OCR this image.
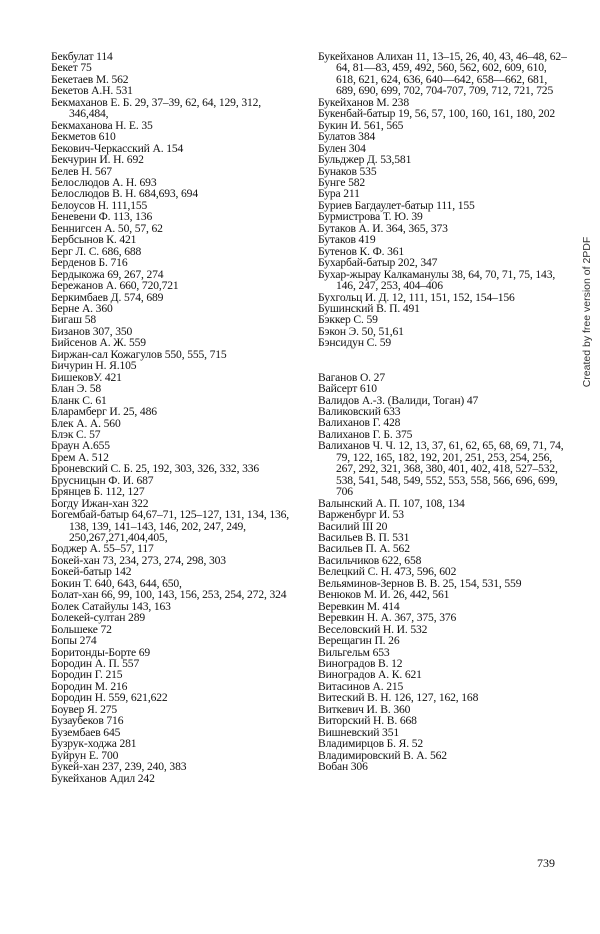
Бекбулат 114
Бекет 75
Бекетаев М. 562
Бекетов А.Н. 531
Бекмаханов Е. Б. 29, 37–39, 62, 64, 129, 312, 346,484,
Бекмаханова Н. Е. 35
Бекметов 610
Бекович-Черкасский А. 154
Бекчурин И. Н. 692
Белев Н. 567
Белослюдов А. Н. 693
Белослюдов В. Н. 684,693, 694
Белоусов Н. 111,155
Беневени Ф. 113, 136
Беннигсен А. 50, 57, 62
Бербсынов К. 421
Берг Л. С. 686, 688
Берденов Б. 716
Бердыкожа 69, 267, 274
Бережанов А. 660, 720,721
Беркимбаев Д. 574, 689
Берне А. 360
Бигаш 58
Бизанов 307, 350
Бийсенов А. Ж. 559
Биржан-сал Кожагулов 550, 555, 715
Бичурин Н. Я.105
БишековУ. 421
Блан Э. 58
Бланк С. 61
Бларамберг И. 25, 486
Блек А. А. 560
Блэк С. 57
Браун А.655
Брем А. 512
Броневский С. Б. 25, 192, 303, 326, 332, 336
Брусницын Ф. И. 687
Брянцев Б. 112, 127
Богду Ижан-хан 322
Богембай-батыр 64,67–71, 125–127, 131, 134, 136, 138, 139, 141–143, 146, 202, 247, 249, 250,267,271,404,405,
Боджер А. 55–57, 117
Бокей-хан 73, 234, 273, 274, 298, 303
Бокей-батыр 142
Бокин Т. 640, 643, 644, 650,
Болат-хан 66, 99, 100, 143, 156, 253, 254, 272, 324
Болек Сатайулы 143, 163
Болекей-султан 289
Большеке 72
Бопы 274
Боритонды-Борте 69
Бородин А. П. 557
Бородин Г. 215
Бородин М. 216
Бородин Н. 559, 621,622
Боувер Я. 275
Бузаубеков 716
Бузембаев 645
Бузрук-ходжа 281
Буйрун Е. 700
Букей-хан 237, 239, 240, 383
Букейханов Адил 242
Букейханов Алихан 11, 13–15, 26, 40, 43, 46–48, 62–64, 81—83, 459, 492, 560, 562, 602, 609, 610, 618, 621, 624, 636, 640—642, 658—662, 681, 689, 690, 699, 702, 704-707, 709, 712, 721, 725
Букейханов М. 238
Букенбай-батыр 19, 56, 57, 100, 160, 161, 180, 202
Букин И. 561, 565
Булатов 384
Булен 304
Бульджер Д. 53,581
Бунаков 535
Бунге 582
Бура 211
Буриев Багдаулет-батыр 111, 155
Бурмистрова Т. Ю. 39
Бутаков А. И. 364, 365, 373
Бутаков 419
Бутенов К. Ф. 361
Бухарбай-батыр 202, 347
Бухар-жырау Калкаманулы 38, 64, 70, 71, 75, 143, 146, 247, 253, 404–406
Бухгольц И. Д. 12, 111, 151, 152, 154–156
Бушинский В. П. 491
Бэккер С. 59
Бэкон Э. 50, 51,61
Бэнсидун С. 59
Ваганов О. 27
Вайсерт 610
Валидов А.-З. (Валиди, Тоган) 47
Валиковский 633
Валиханов Г. 428
Валиханов Г. Б. 375
Валиханов Ч. Ч. 12, 13, 37, 61, 62, 65, 68, 69, 71, 74, 79, 122, 165, 182, 192, 201, 251, 253, 254, 256, 267, 292, 321, 368, 380, 401, 402, 418, 527–532, 538, 541, 548, 549, 552, 553, 558, 566, 696, 699, 706
Валынский А. П. 107, 108, 134
Варженбург И. 53
Василий III 20
Васильев В. П. 531
Васильев П. А. 562
Васильчиков 622, 658
Велецкий С. Н. 473, 596, 602
Вельяминов-Зернов В. В. 25, 154, 531, 559
Венюков М. И. 26, 442, 561
Веревкин М. 414
Веревкин Н. А. 367, 375, 376
Веселовский Н. И. 532
Верещагин П. 26
Вильгельм 653
Виноградов В. 12
Виноградов А. К. 621
Витасинов А. 215
Витеский В. Н. 126, 127, 162, 168
Виткевич И. В. 360
Виторский Н. В. 668
Вишневский 351
Владимирцов Б. Я. 52
Владимировский В. А. 562
Вобан 306
739
Created by free version of 2PDF
